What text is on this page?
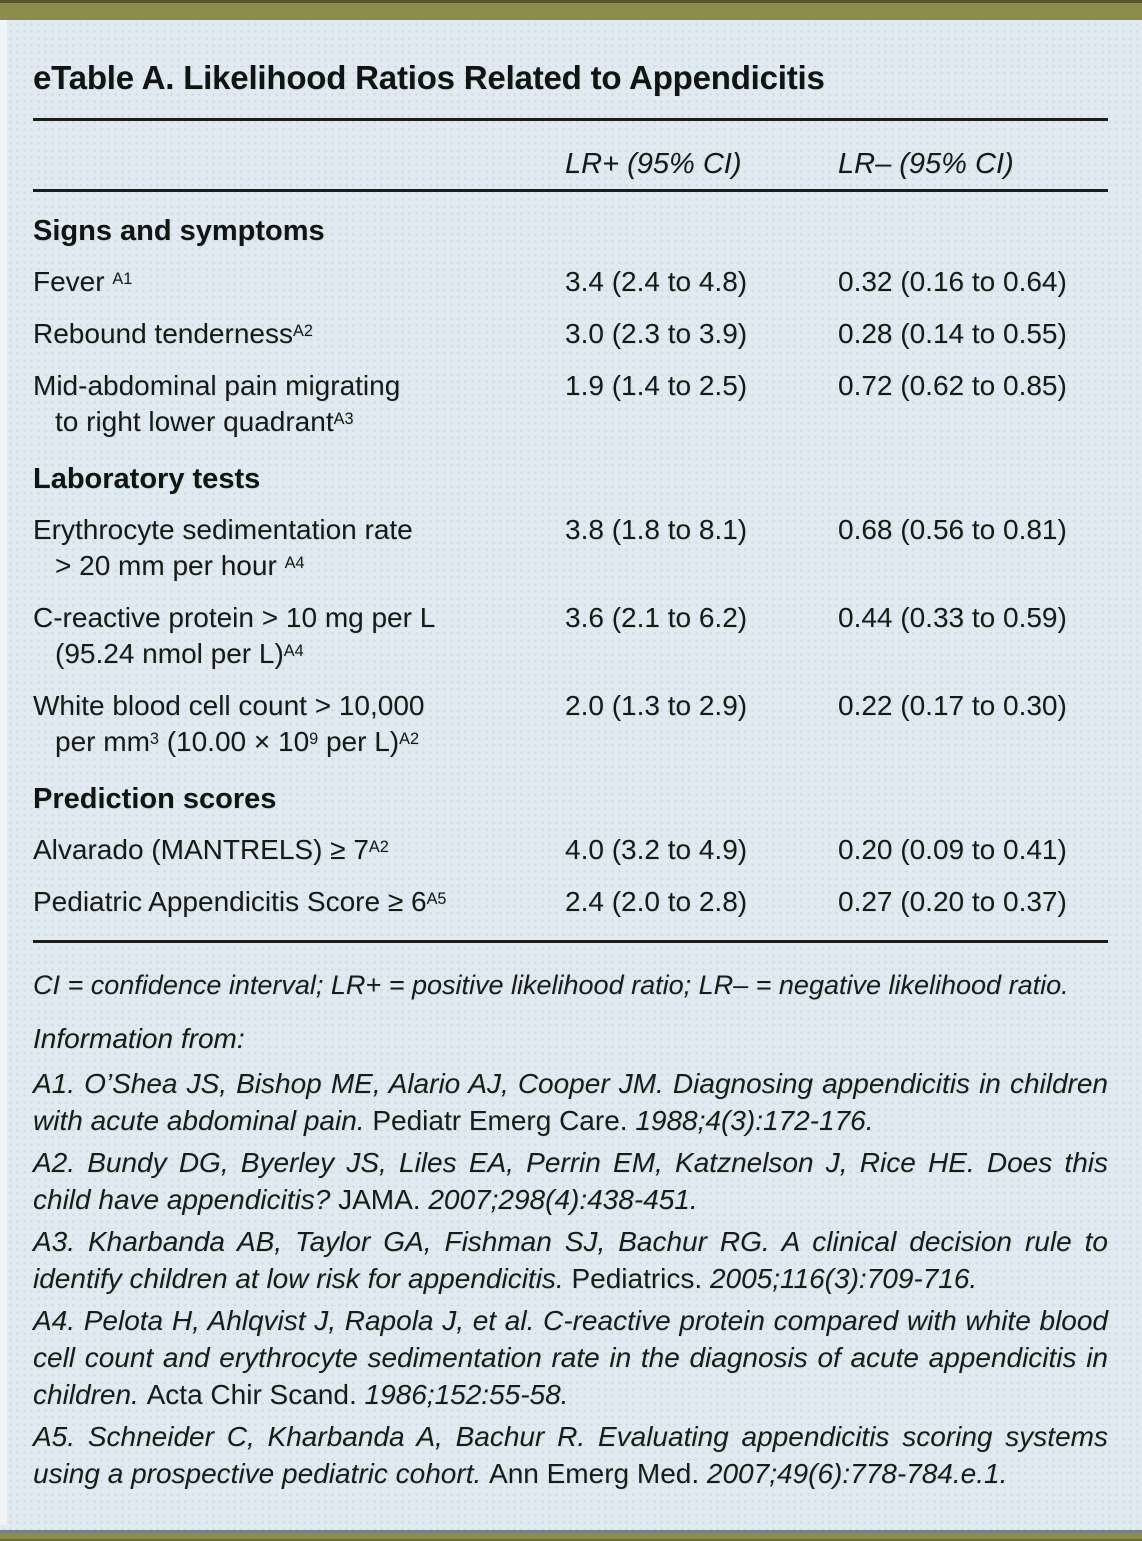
eTable A. Likelihood Ratios Related to Appendicitis
LR+ (95% CI)	LR– (95% CI)
Signs and symptoms
Fever $^{A1}$	3.4 (2.4 to 4.8)	0.32 (0.16 to 0.64)
Rebound tenderness$^{A2}$	3.0 (2.3 to 3.9)	0.28 (0.14 to 0.55)
Mid-abdominal pain migrating
to right lower quadrant$^{A3}$
1.9 (1.4 to 2.5)	0.72 (0.62 to 0.85)
Laboratory tests
Erythrocyte sedimentation rate
> 20 mm per hour $^{A4}$
3.8 (1.8 to 8.1)	0.68 (0.56 to 0.81)
C-reactive protein > 10 mg per L
(95.24 nmol per L)$^{A4}$
3.6 (2.1 to 6.2)	0.44 (0.33 to 0.59)
White blood cell count > 10,000
per $mm^3$ ($10.00 \times 10^9$ per L)$^{A2}$
2.0 (1.3 to 2.9)	0.22 (0.17 to 0.30)
Prediction scores
Alvarado (MANTRELS) ≥ $7^{A2}$	4.0 (3.2 to 4.9)	0.20 (0.09 to 0.41)
Pediatric Appendicitis Score ≥ $6^{A5}$	2.4 (2.0 to 2.8)	0.27 (0.20 to 0.37)
CI = confidence interval; LR+ = positive likelihood ratio; LR– = negative likelihood ratio.
Information from:
A1. O’Shea JS, Bishop ME, Alario AJ, Cooper JM. Diagnosing appendicitis in children with acute abdominal pain. Pediatr Emerg Care. 1988;4(3):172-176.
A2. Bundy DG, Byerley JS, Liles EA, Perrin EM, Katznelson J, Rice HE. Does this child have appendicitis? JAMA. 2007;298(4):438-451.
A3. Kharbanda AB, Taylor GA, Fishman SJ, Bachur RG. A clinical decision rule to identify children at low risk for appendicitis. Pediatrics. 2005;116(3):709-716.
A4. Pelota H, Ahlqvist J, Rapola J, et al. C-reactive protein compared with white blood cell count and erythrocyte sedimentation rate in the diagnosis of acute appendicitis in children. Acta Chir Scand. 1986;152:55-58.
A5. Schneider C, Kharbanda A, Bachur R. Evaluating appendicitis scoring systems using a prospective pediatric cohort. Ann Emerg Med. 2007;49(6):778-784.e.1.
